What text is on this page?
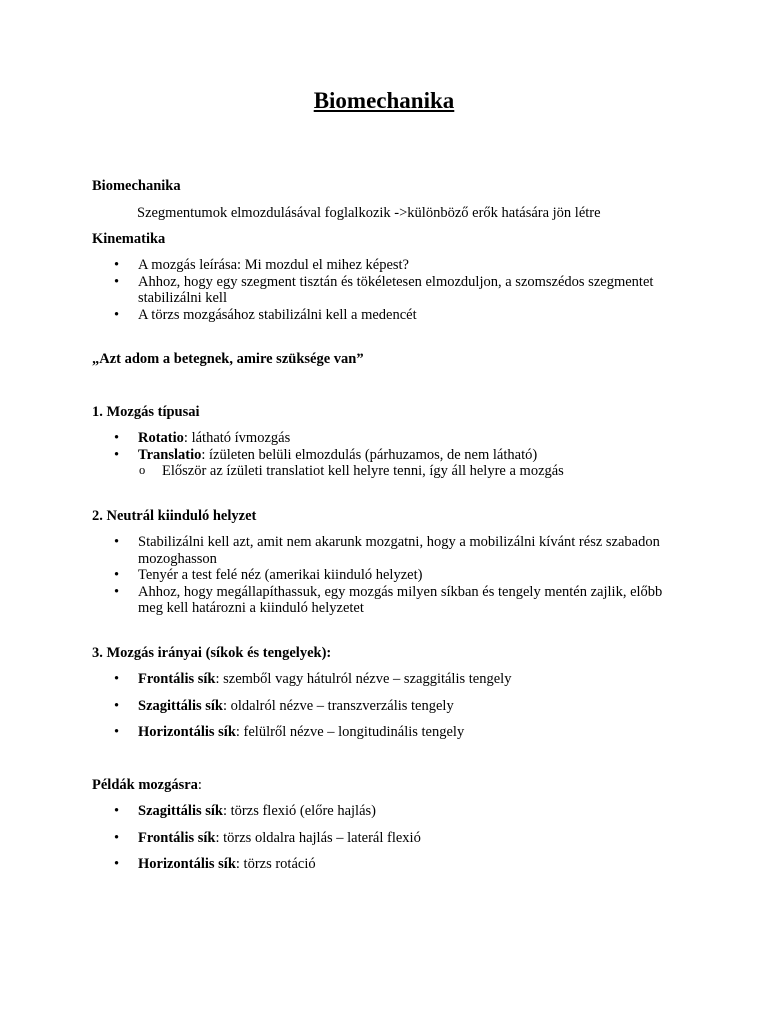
Biomechanika
Biomechanika
Szegmentumok elmozdulásával foglalkozik ->különböző erők hatására jön létre
Kinematika
• A mozgás leírása: Mi mozdul el mihez képest?
• Ahhoz, hogy egy szegment tisztán és tökéletesen elmozduljon, a szomszédos szegmentet stabilizálni kell
• A törzs mozgásához stabilizálni kell a medencét
„Azt adom a betegnek, amire szüksége van”
1. Mozgás típusai
• Rotatio: látható ívmozgás
• Translatio: ízületen belüli elmozdulás (párhuzamos, de nem látható)
o Először az ízületi translatiot kell helyre tenni, így áll helyre a mozgás
2. Neutrál kiinduló helyzet
• Stabilizálni kell azt, amit nem akarunk mozgatni, hogy a mobilizálni kívánt rész szabadon mozoghasson
• Tenyér a test felé néz (amerikai kiinduló helyzet)
• Ahhoz, hogy megállapíthassuk, egy mozgás milyen síkban és tengely mentén zajlik, előbb meg kell határozni a kiinduló helyzetet
3. Mozgás irányai (síkok és tengelyek):
• Frontális sík: szemből vagy hátulról nézve – szaggitális tengely
• Szagittális sík: oldalról nézve – transzverzális tengely
• Horizontális sík: felülről nézve – longitudinális tengely
Példák mozgásra:
• Szagittális sík: törzs flexió (előre hajlás)
• Frontális sík: törzs oldalra hajlás – laterál flexió
• Horizontális sík: törzs rotáció
